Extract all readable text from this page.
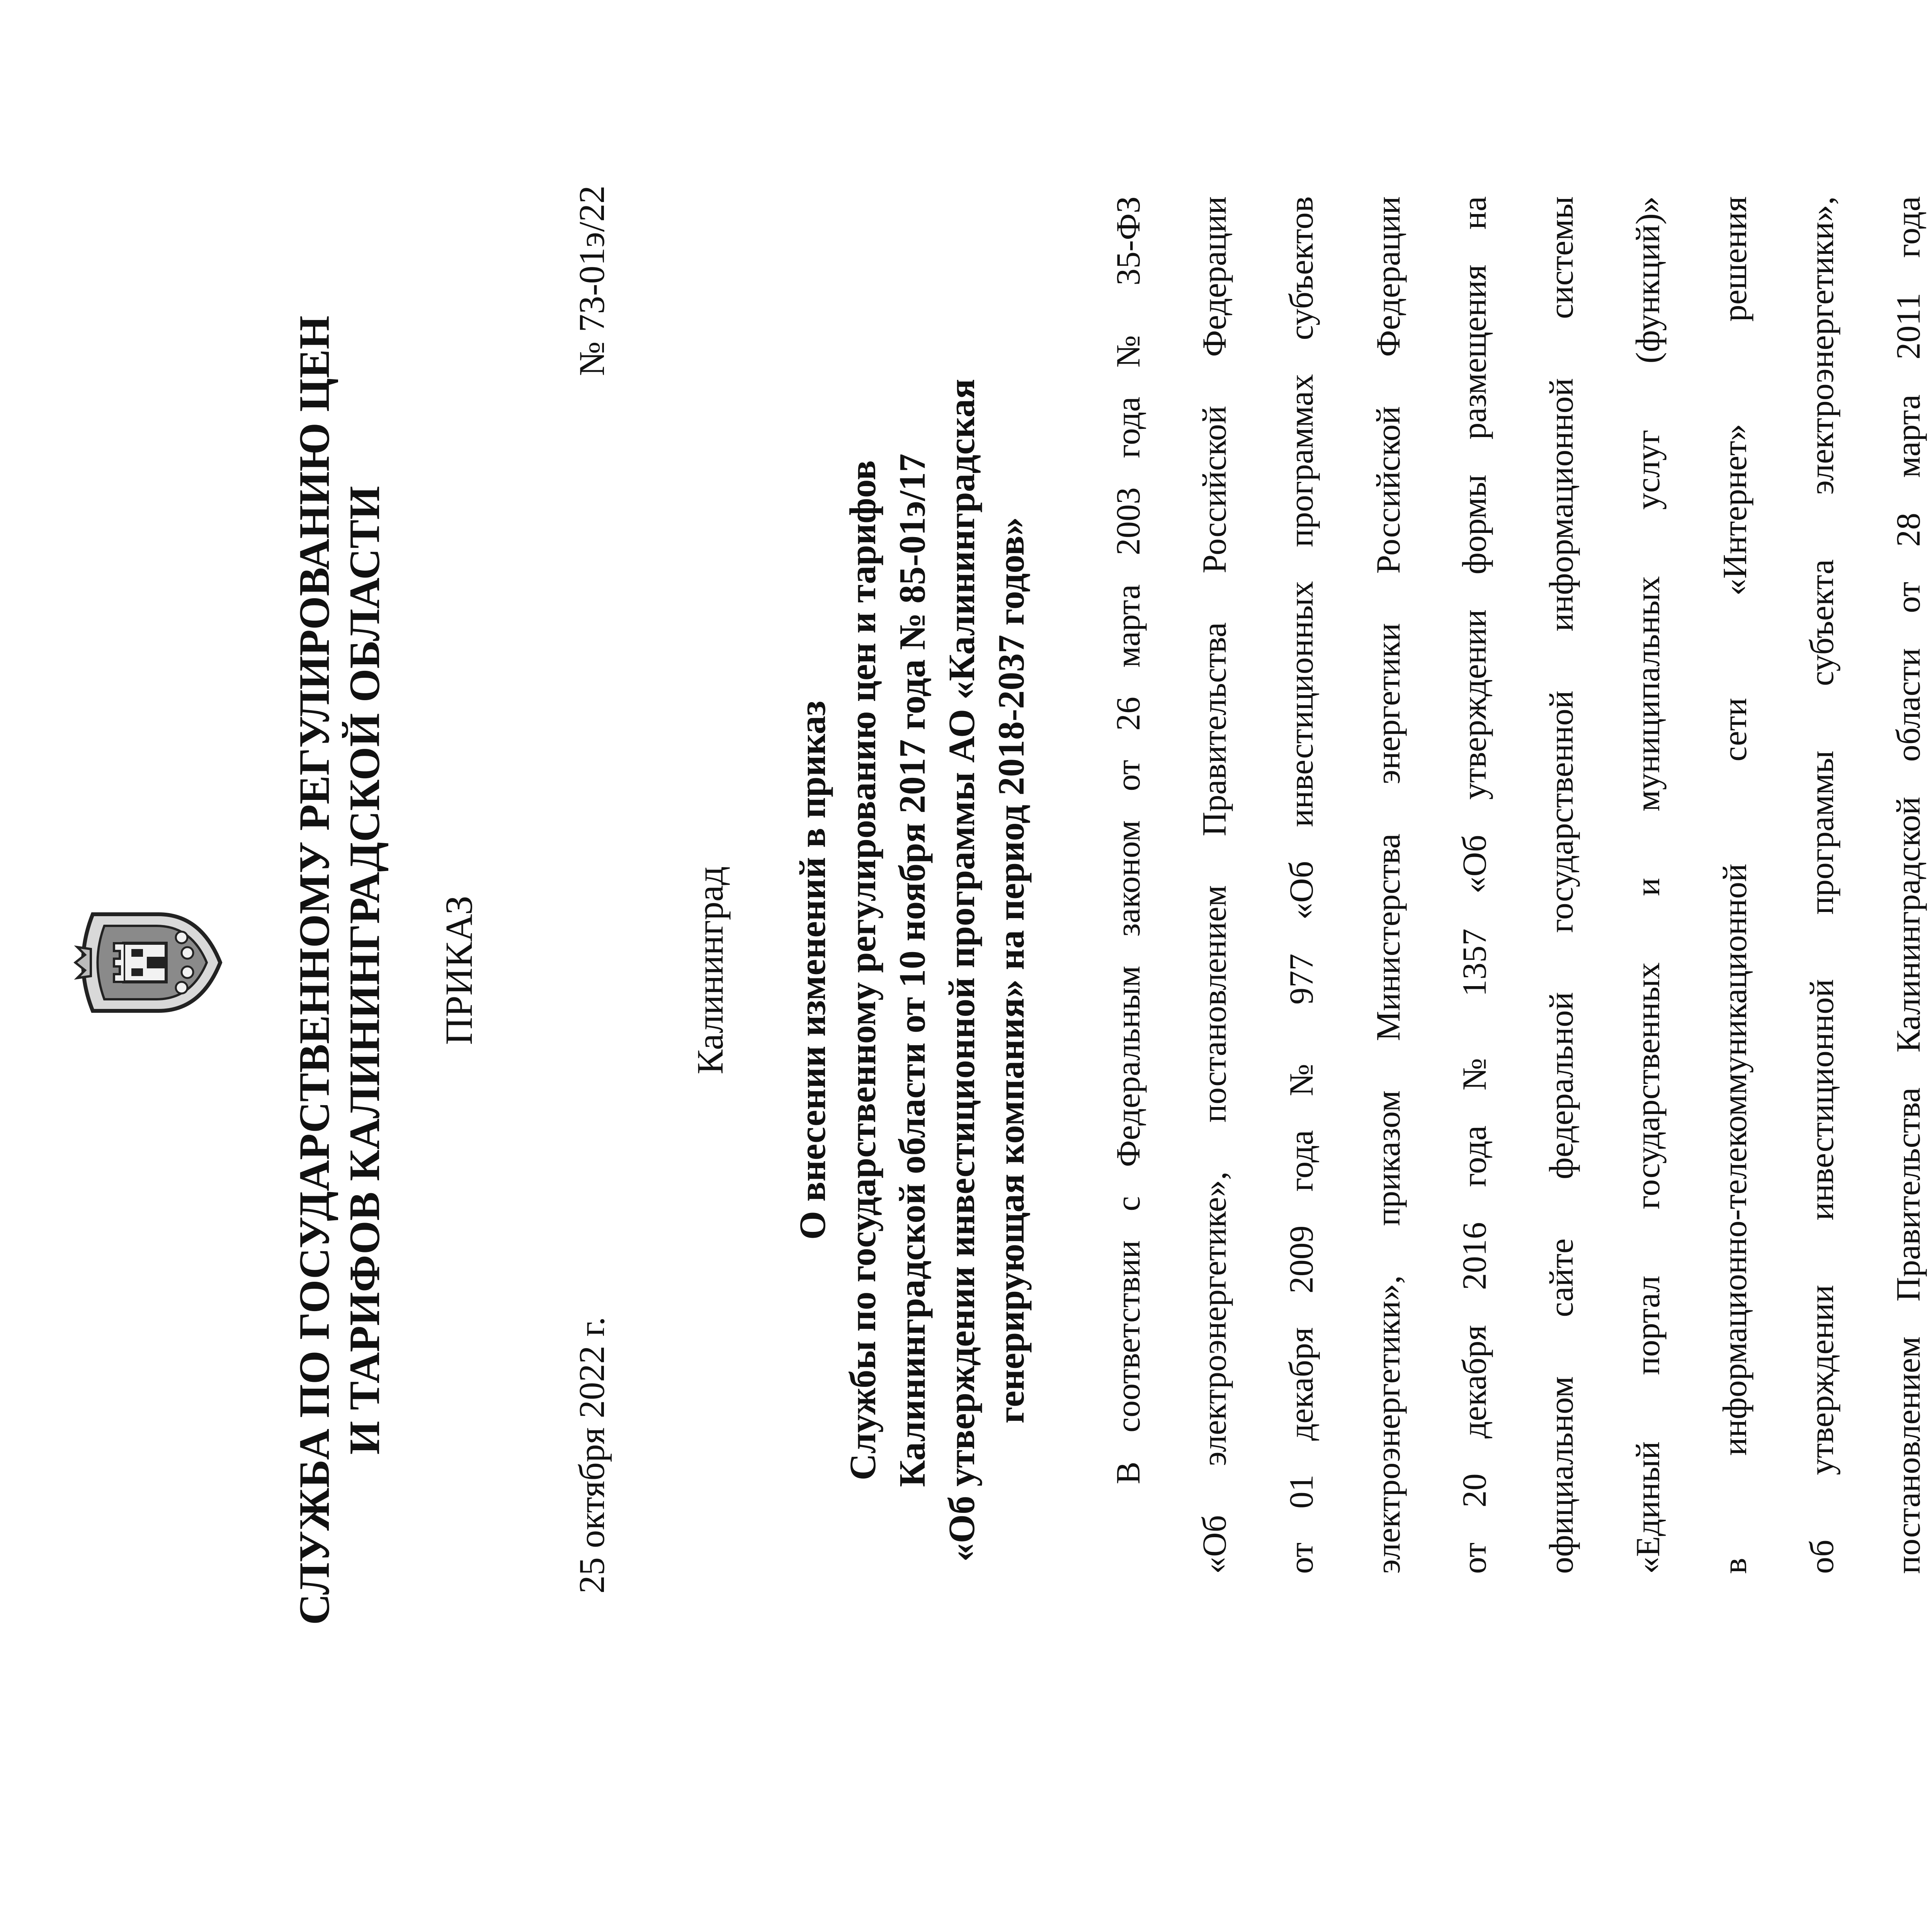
СЛУЖБА ПО ГОСУДАРСТВЕННОМУ РЕГУЛИРОВАНИЮ ЦЕН И ТАРИФОВ КАЛИНИНГРАДСКОЙ ОБЛАСТИ ПРИКАЗ
25 октября 2022 г.
№ 73-01э/22
Калининград О внесении изменений в приказ Службы по государственному регулированию цен и тарифов Калининградской области от 10 ноября 2017 года № 85-01э/17 «Об утверждении инвестиционной программы АО «Калининградская генерирующая компания» на период 2018-2037 годов» В соответствии с Федеральным законом от 26 марта 2003 года № 35-ФЗ «Об электроэнергетике», постановлением Правительства Российской Федерации от 01 декабря 2009 года № 977 «Об инвестиционных программах субъектов электроэнергетики», приказом Министерства энергетики Российской Федерации от 20 декабря 2016 года № 1357 «Об утверждении формы размещения на официальном сайте федеральной государственной информационной системы «Единый портал государственных и муниципальных услуг (функций)» в информационно-телекоммуникационной сети «Интернет» решения об утверждении инвестиционной программы субъекта электроэнергетики», постановлением Правительства Калининградской области от 28 марта 2011 года
